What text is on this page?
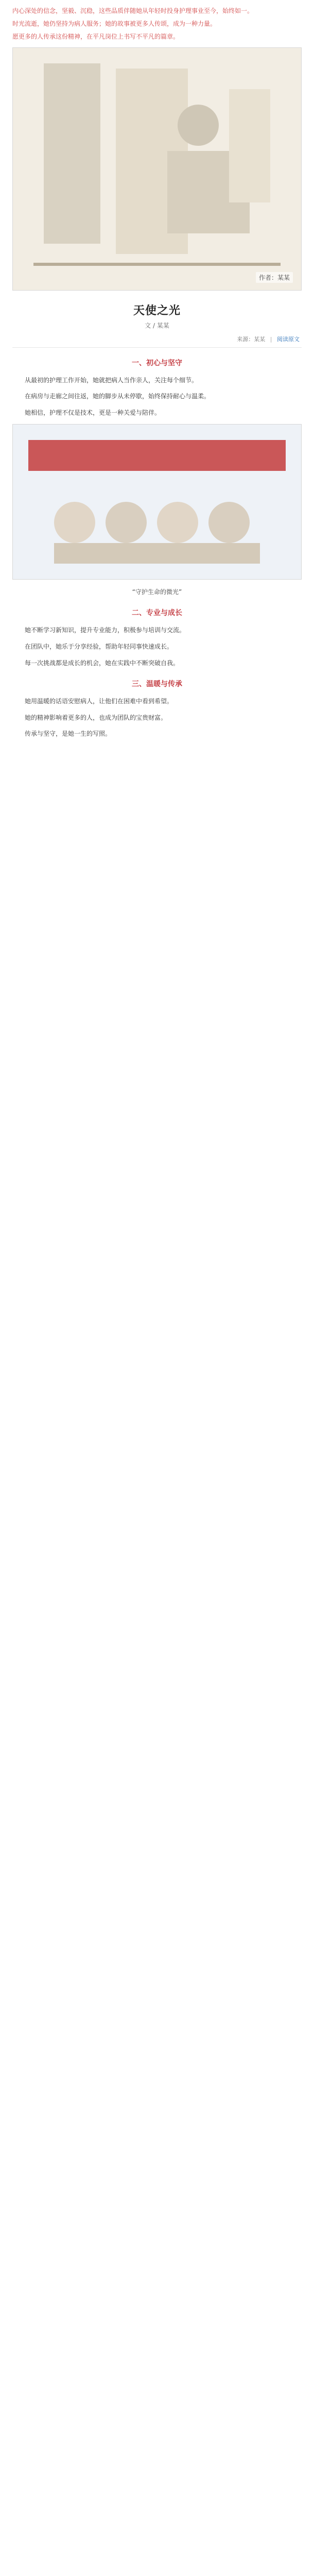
内心深处的信念，坚毅、沉稳，这些品质伴随她从年轻时投身护理事业至今，始终如一。

时光流逝，她仍坚持为病人服务；她的故事被更多人传颂，成为一种力量。

愿更多的人传承这份精神，在平凡岗位上书写不平凡的篇章。

作者：某某
天使之光
文 / 某某
来源：某某 | 阅读原文
一、初心与坚守

从最初的护理工作开始，她就把病人当作亲人，关注每个细节。

在病房与走廊之间往返，她的脚步从未停歇，始终保持耐心与温柔。

她相信，护理不仅是技术，更是一种关爱与陪伴。

“守护生命的微光”
二、专业与成长

她不断学习新知识，提升专业能力，积极参与培训与交流。

在团队中，她乐于分享经验，帮助年轻同事快速成长。

每一次挑战都是成长的机会，她在实践中不断突破自我。

三、温暖与传承

她用温暖的话语安慰病人，让他们在困难中看到希望。

她的精神影响着更多的人，也成为团队的宝贵财富。

传承与坚守，是她一生的写照。
